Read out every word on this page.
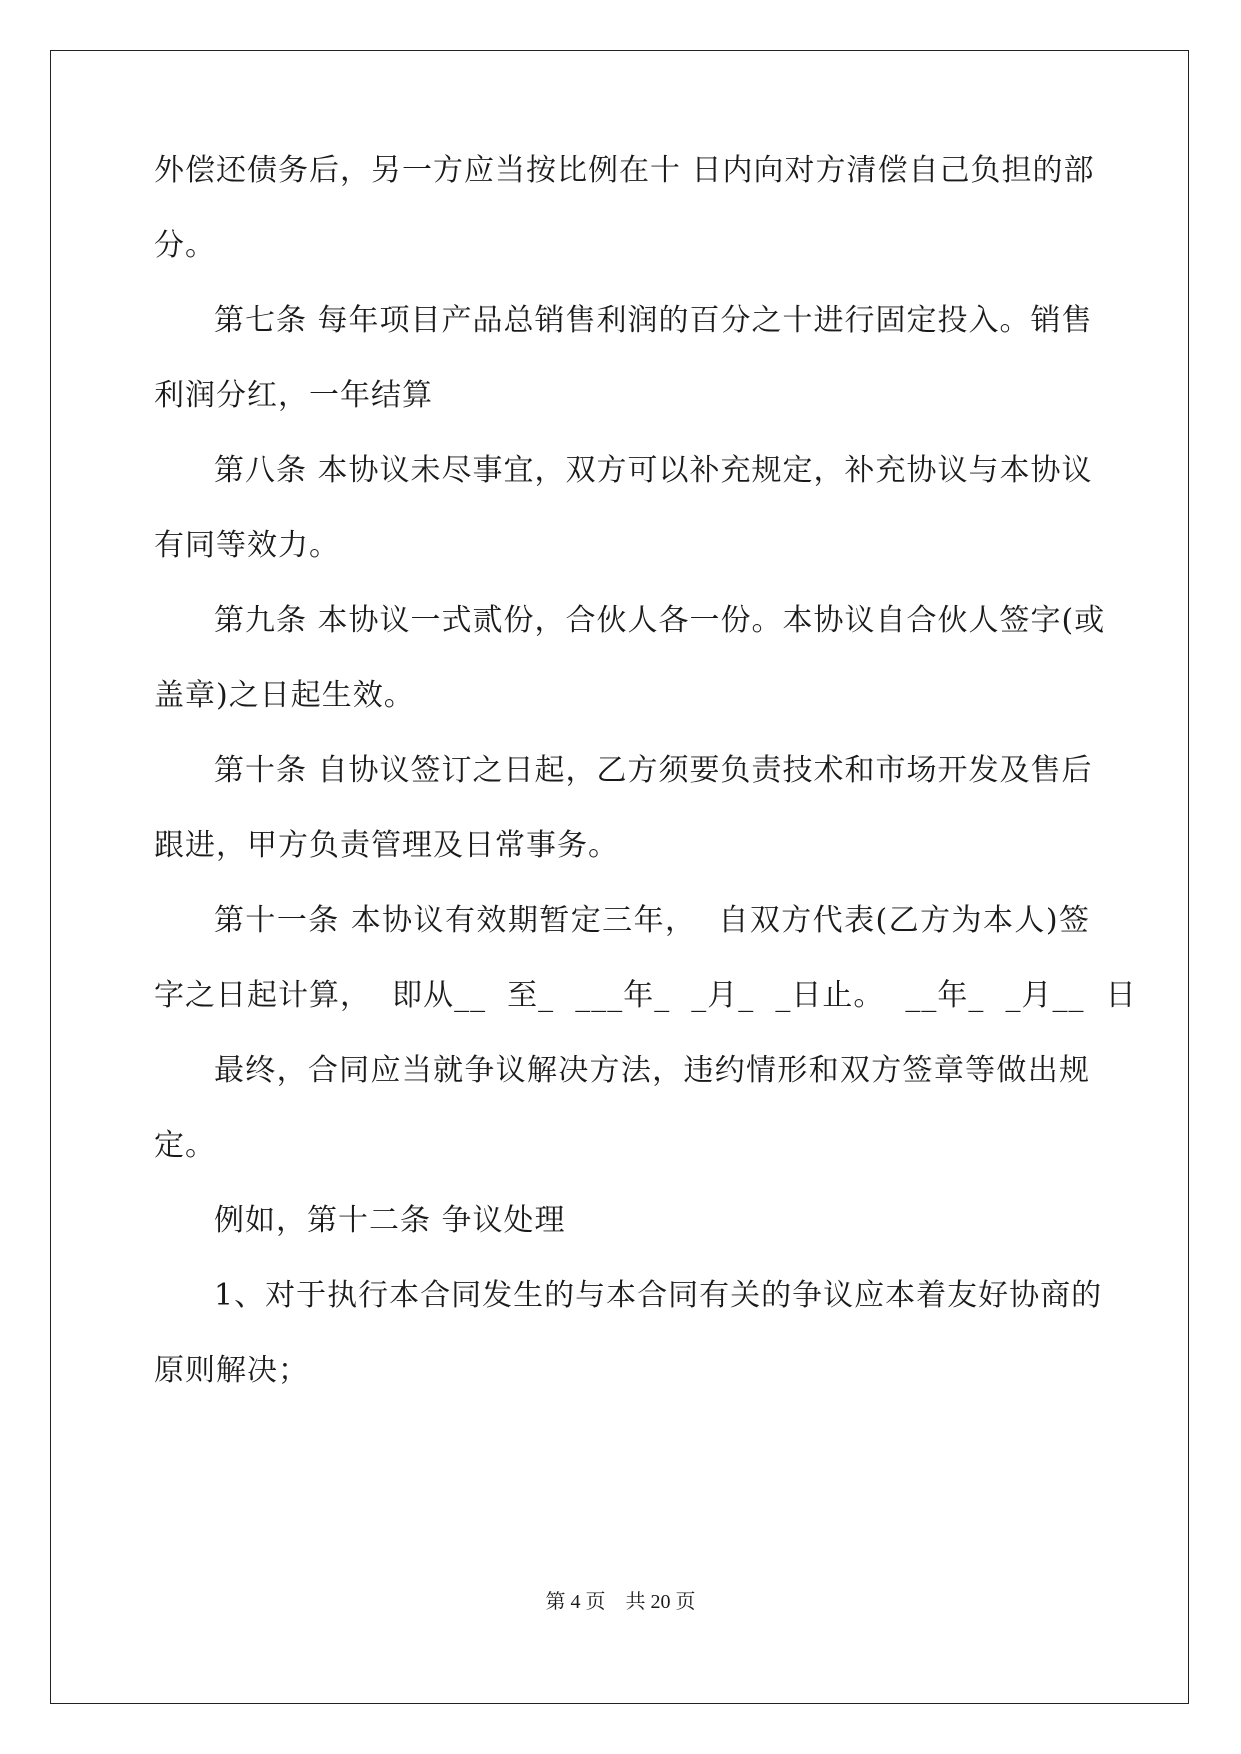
外偿还债务后，另一方应当按比例在十 日内向对方清偿自己负担的部
分。
第七条 每年项目产品总销售利润的百分之十进行固定投入。销售
利润分红，一年结算
第八条 本协议未尽事宜，双方可以补充规定，补充协议与本协议
有同等效力。
第九条 本协议一式贰份，合伙人各一份。本协议自合伙人签字(或
盖章)之日起生效。
第十条 自协议签订之日起，乙方须要负责技术和市场开发及售后
跟进，甲方负责管理及日常事务。
第十一条 本协议有效期暂定三年，  自双方代表(乙方为本人)签
字之日起计算，  即从__  至_  ___年_  _月_  _日止。  __年_  _月__  日
最终，合同应当就争议解决方法，违约情形和双方签章等做出规
定。
例如，第十二条 争议处理
1、对于执行本合同发生的与本合同有关的争议应本着友好协商的
原则解决；
第 4 页    共 20 页
